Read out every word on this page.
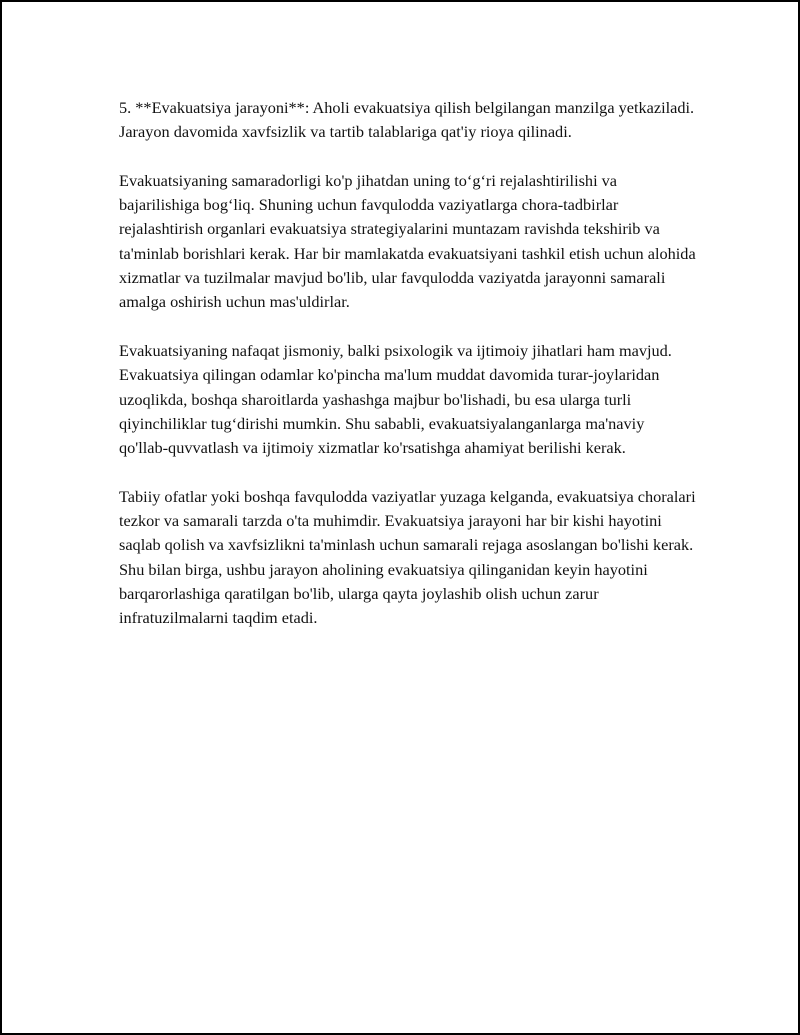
5. **Evakuatsiya jarayoni**: Aholi evakuatsiya qilish belgilangan manzilga yetkaziladi. Jarayon davomida xavfsizlik va tartib talablariga qat'iy rioya qilinadi.

Evakuatsiyaning samaradorligi ko'p jihatdan uning to‘g‘ri rejalashtirilishi va bajarilishiga bog‘liq. Shuning uchun favqulodda vaziyatlarga chora-tadbirlar rejalashtirish organlari evakuatsiya strategiyalarini muntazam ravishda tekshirib va ta'minlab borishlari kerak. Har bir mamlakatda evakuatsiyani tashkil etish uchun alohida xizmatlar va tuzilmalar mavjud bo'lib, ular favqulodda vaziyatda jarayonni samarali amalga oshirish uchun mas'uldirlar.

Evakuatsiyaning nafaqat jismoniy, balki psixologik va ijtimoiy jihatlari ham mavjud. Evakuatsiya qilingan odamlar ko'pincha ma'lum muddat davomida turar-joylaridan uzoqlikda, boshqa sharoitlarda yashashga majbur bo'lishadi, bu esa ularga turli qiyinchiliklar tug‘dirishi mumkin. Shu sababli, evakuatsiyalanganlarga ma'naviy qo'llab-quvvatlash va ijtimoiy xizmatlar ko'rsatishga ahamiyat berilishi kerak.

Tabiiy ofatlar yoki boshqa favqulodda vaziyatlar yuzaga kelganda, evakuatsiya choralari tezkor va samarali tarzda o'ta muhimdir. Evakuatsiya jarayoni har bir kishi hayotini saqlab qolish va xavfsizlikni ta'minlash uchun samarali rejaga asoslangan bo'lishi kerak. Shu bilan birga, ushbu jarayon aholining evakuatsiya qilinganidan keyin hayotini barqarorlashiga qaratilgan bo'lib, ularga qayta joylashib olish uchun zarur infratuzilmalarni taqdim etadi.
